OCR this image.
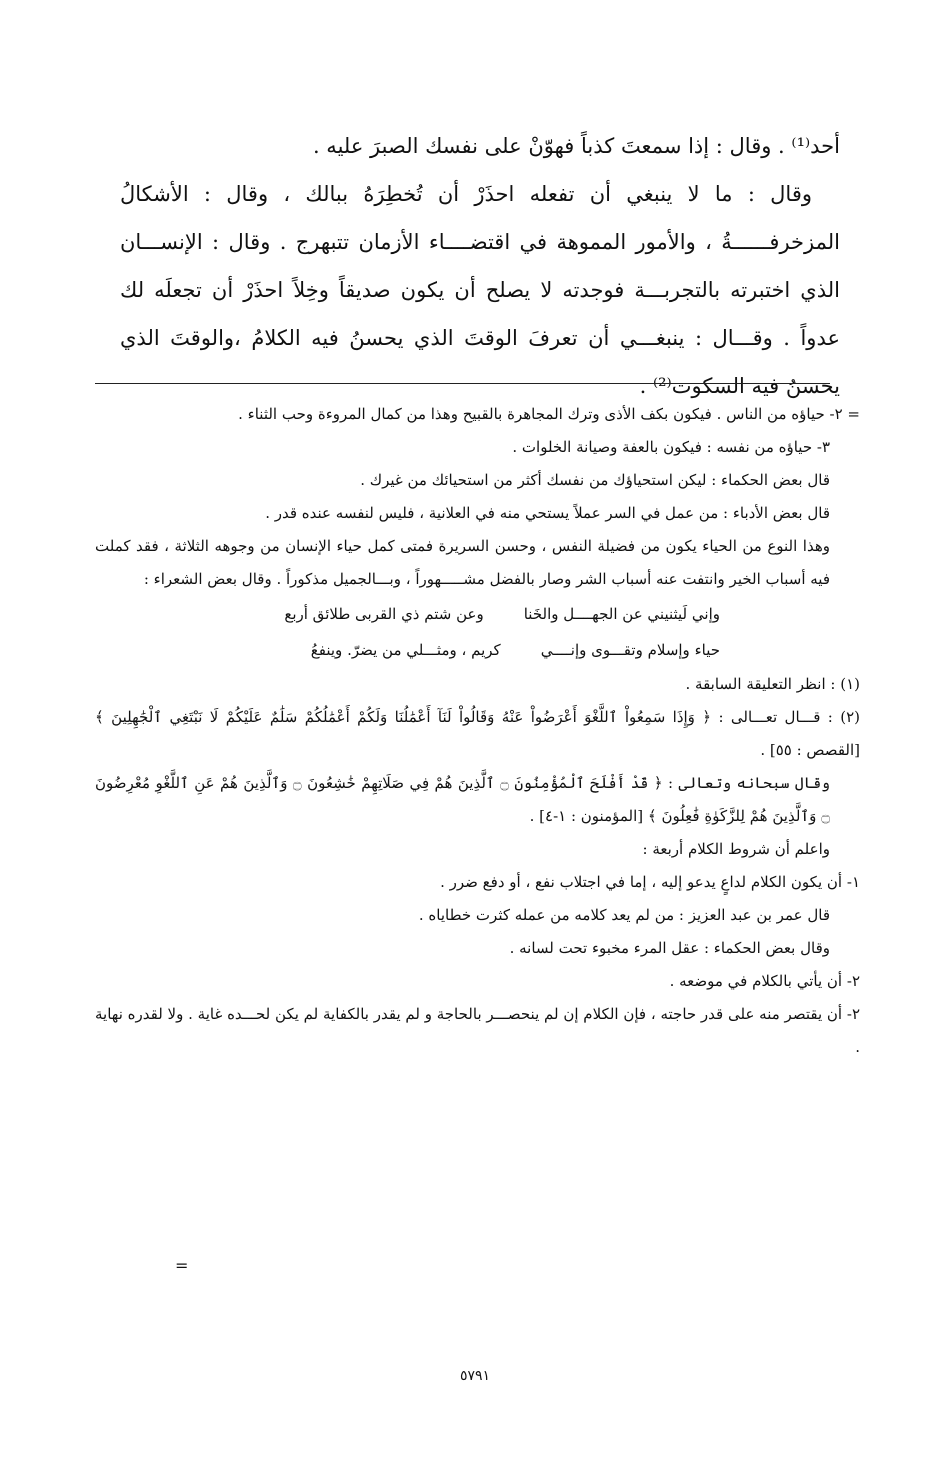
أحد⁽¹⁾ . وقال : إذا سمعتَ كذباً فهوّنْ على نفسك الصبرَ عليه .

وقال : ما لا ينبغي أن تفعله احذَرْ أن تُخطِرَهُ ببالك ، وقال : الأشكالُ المزخرفــــــةُ ، والأمور المموهة في اقتضــــاء الأزمان تتبهرج . وقال : الإنســـان الذي اختبرته بالتجربـــة فوجدته لا يصلح أن يكون صديقاً وخِلاً احذَرْ أن تجعلَه لك عدواً . وقـــال : ينبغـــي أن تعرفَ الوقتَ الذي يحسنُ فيه الكلامُ ،والوقتَ الذي يحسنُ فيه السكوت⁽²⁾ .

= ٢- حياؤه من الناس . فيكون بكف الأذى وترك المجاهرة بالقبيح وهذا من كمال المروءة وحب الثناء .

٣- حياؤه من نفسه : فيكون بالعفة وصيانة الخلوات .

قال بعض الحكماء : ليكن استحياؤك من نفسك أكثر من استحيائك من غيرك .

قال بعض الأدباء : من عمل في السر عملاً يستحي منه في العلانية ، فليس لنفسه عنده قدر .

وهذا النوع من الحياء يكون من فضيلة النفس ، وحسن السريرة فمتى كمل حياء الإنسان من وجوهه الثلاثة ، فقد كملت فيه أسباب الخير وانتفت عنه أسباب الشر وصار بالفضل مشـــــهوراً ، وبـــالجميل مذكوراً . وقال بعض الشعراء :

وإني لَيثنيني عن الجهــــل والخَنا
وعن شتم ذي القربى طلائق أربع
حياء وإسلام وتقـــوى وإنــــي
كريم ، ومثـــلي من يضرّ. وينفعُ

(١) : انظر التعليقة السابقة .

(٢) : قـــال تعـــالى : ﴿ وَإِذَا سَمِعُواْ ٱللَّغْوَ أَعْرَضُواْ عَنْهُ وَقَالُواْ لَنَآ أَعْمَٰلُنَا وَلَكُمْ أَعْمَٰلُكُمْ سَلَٰمٌ عَلَيْكُمْ لَا نَبْتَغِي ٱلْجَٰهِلِينَ ﴾ [القصص : ٥٥] .

وقال سبحانه وتعالى : ﴿ قَدْ أَفْلَحَ ٱلْمُؤْمِنُونَ ۝ ٱلَّذِينَ هُمْ فِي صَلَاتِهِمْ خَٰشِعُونَ ۝ وَٱلَّذِينَ هُمْ عَنِ ٱللَّغْوِ مُعْرِضُونَ ۝ وَٱلَّذِينَ هُمْ لِلزَّكَوٰةِ فَٰعِلُونَ ﴾ [المؤمنون : ١-٤] .

واعلم أن شروط الكلام أربعة :

١- أن يكون الكلام لداعٍ يدعو إليه ، إما في اجتلاب نفع ، أو دفع ضرر .

قال عمر بن عبد العزيز : من لم يعد كلامه من عمله كثرت خطاياه .

وقال بعض الحكماء : عقل المرء مخبوء تحت لسانه .

٢- أن يأتي بالكلام في موضعه .

٢- أن يقتصر منه على قدر حاجته ، فإن الكلام إن لم ينحصـــر بالحاجة و لم يقدر بالكفاية لم يكن لحـــده غاية . ولا لقدره نهاية .

=
٥٧٩١
